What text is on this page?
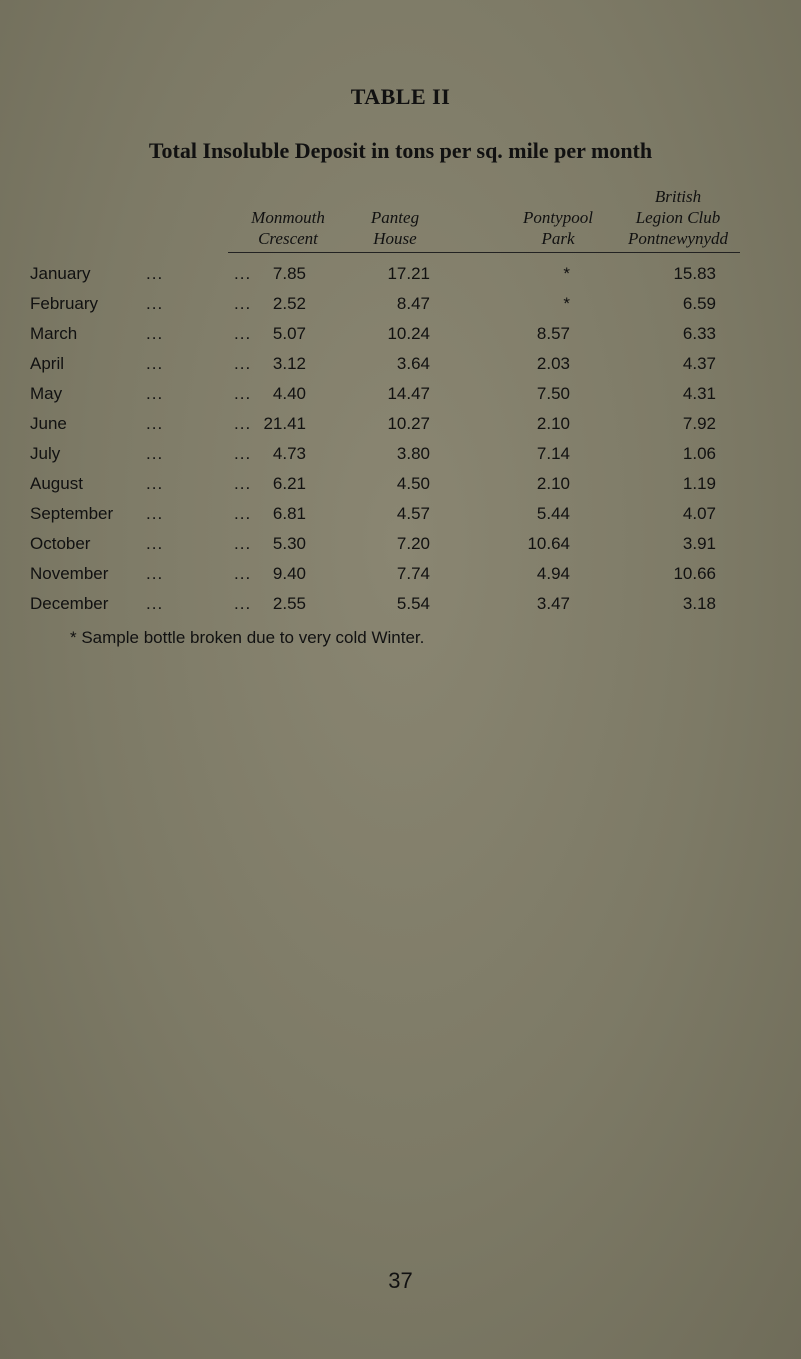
TABLE II
Total Insoluble Deposit in tons per sq. mile per month
Monmouth
Crescent
Panteg
House
Pontypool
Park
British
Legion Club
Pontnewynydd
January	...	...	7.85	17.21	*	15.83
February	...	...	2.52	8.47	*	6.59
March	...	...	5.07	10.24	8.57	6.33
April	...	...	3.12	3.64	2.03	4.37
May	...	...	4.40	14.47	7.50	4.31
June	...	... 21.41	10.27	2.10	7.92
July	...	...	4.73	3.80	7.14	1.06
August	...	...	6.21	4.50	2.10	1.19
September ...	...	6.81	4.57	5.44	4.07
October	...	...	5.30	7.20	10.64	3.91
November ...	...	9.40	7.74	4.94	10.66
December ...	...	2.55	5.54	3.47	3.18
* Sample bottle broken due to very cold Winter.
37
